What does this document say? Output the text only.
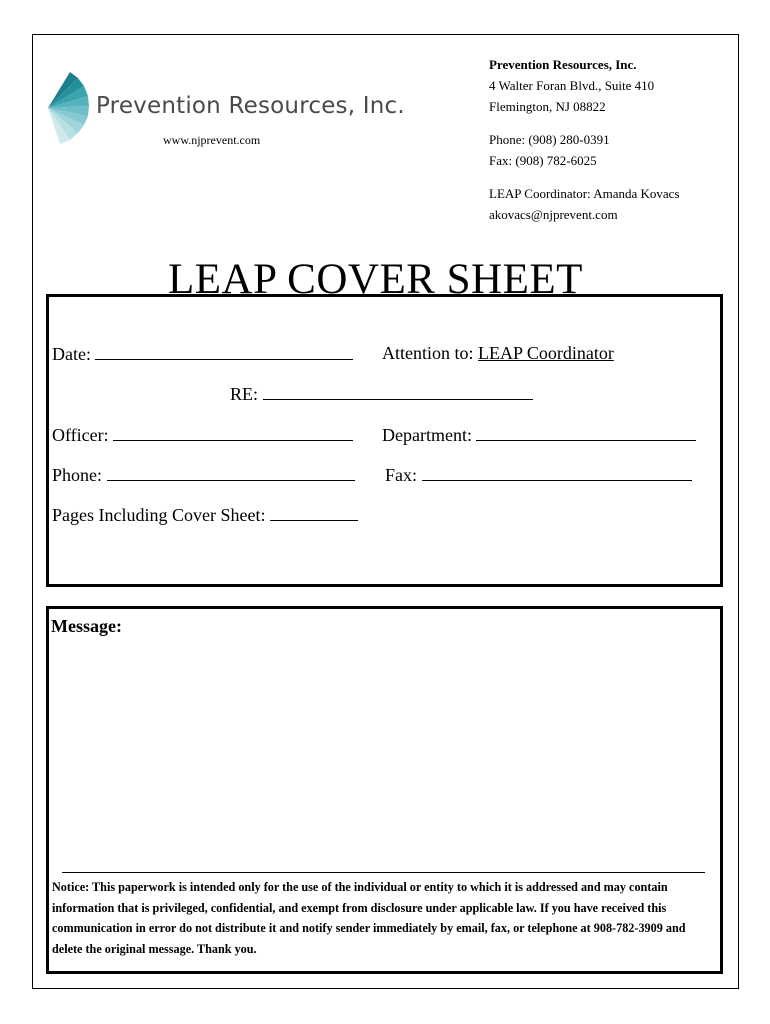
Prevention Resources, Inc.
www.njprevent.com
Prevention Resources, Inc.
4 Walter Foran Blvd., Suite 410
Flemington, NJ 08822
Phone: (908) 280-0391
Fax: (908) 782-6025
LEAP Coordinator: Amanda Kovacs
akovacs@njprevent.com
LEAP COVER SHEET
Date:	Attention to: LEAP Coordinator
RE:
Officer:	Department:
Phone:	Fax:
Pages Including Cover Sheet:
Message:
Notice: This paperwork is intended only for the use of the individual or entity to which it is addressed and may contain information that is privileged, confidential, and exempt from disclosure under applicable law. If you have received this communication in error do not distribute it and notify sender immediately by email, fax, or telephone at 908-782-3909 and delete the original message. Thank you.
